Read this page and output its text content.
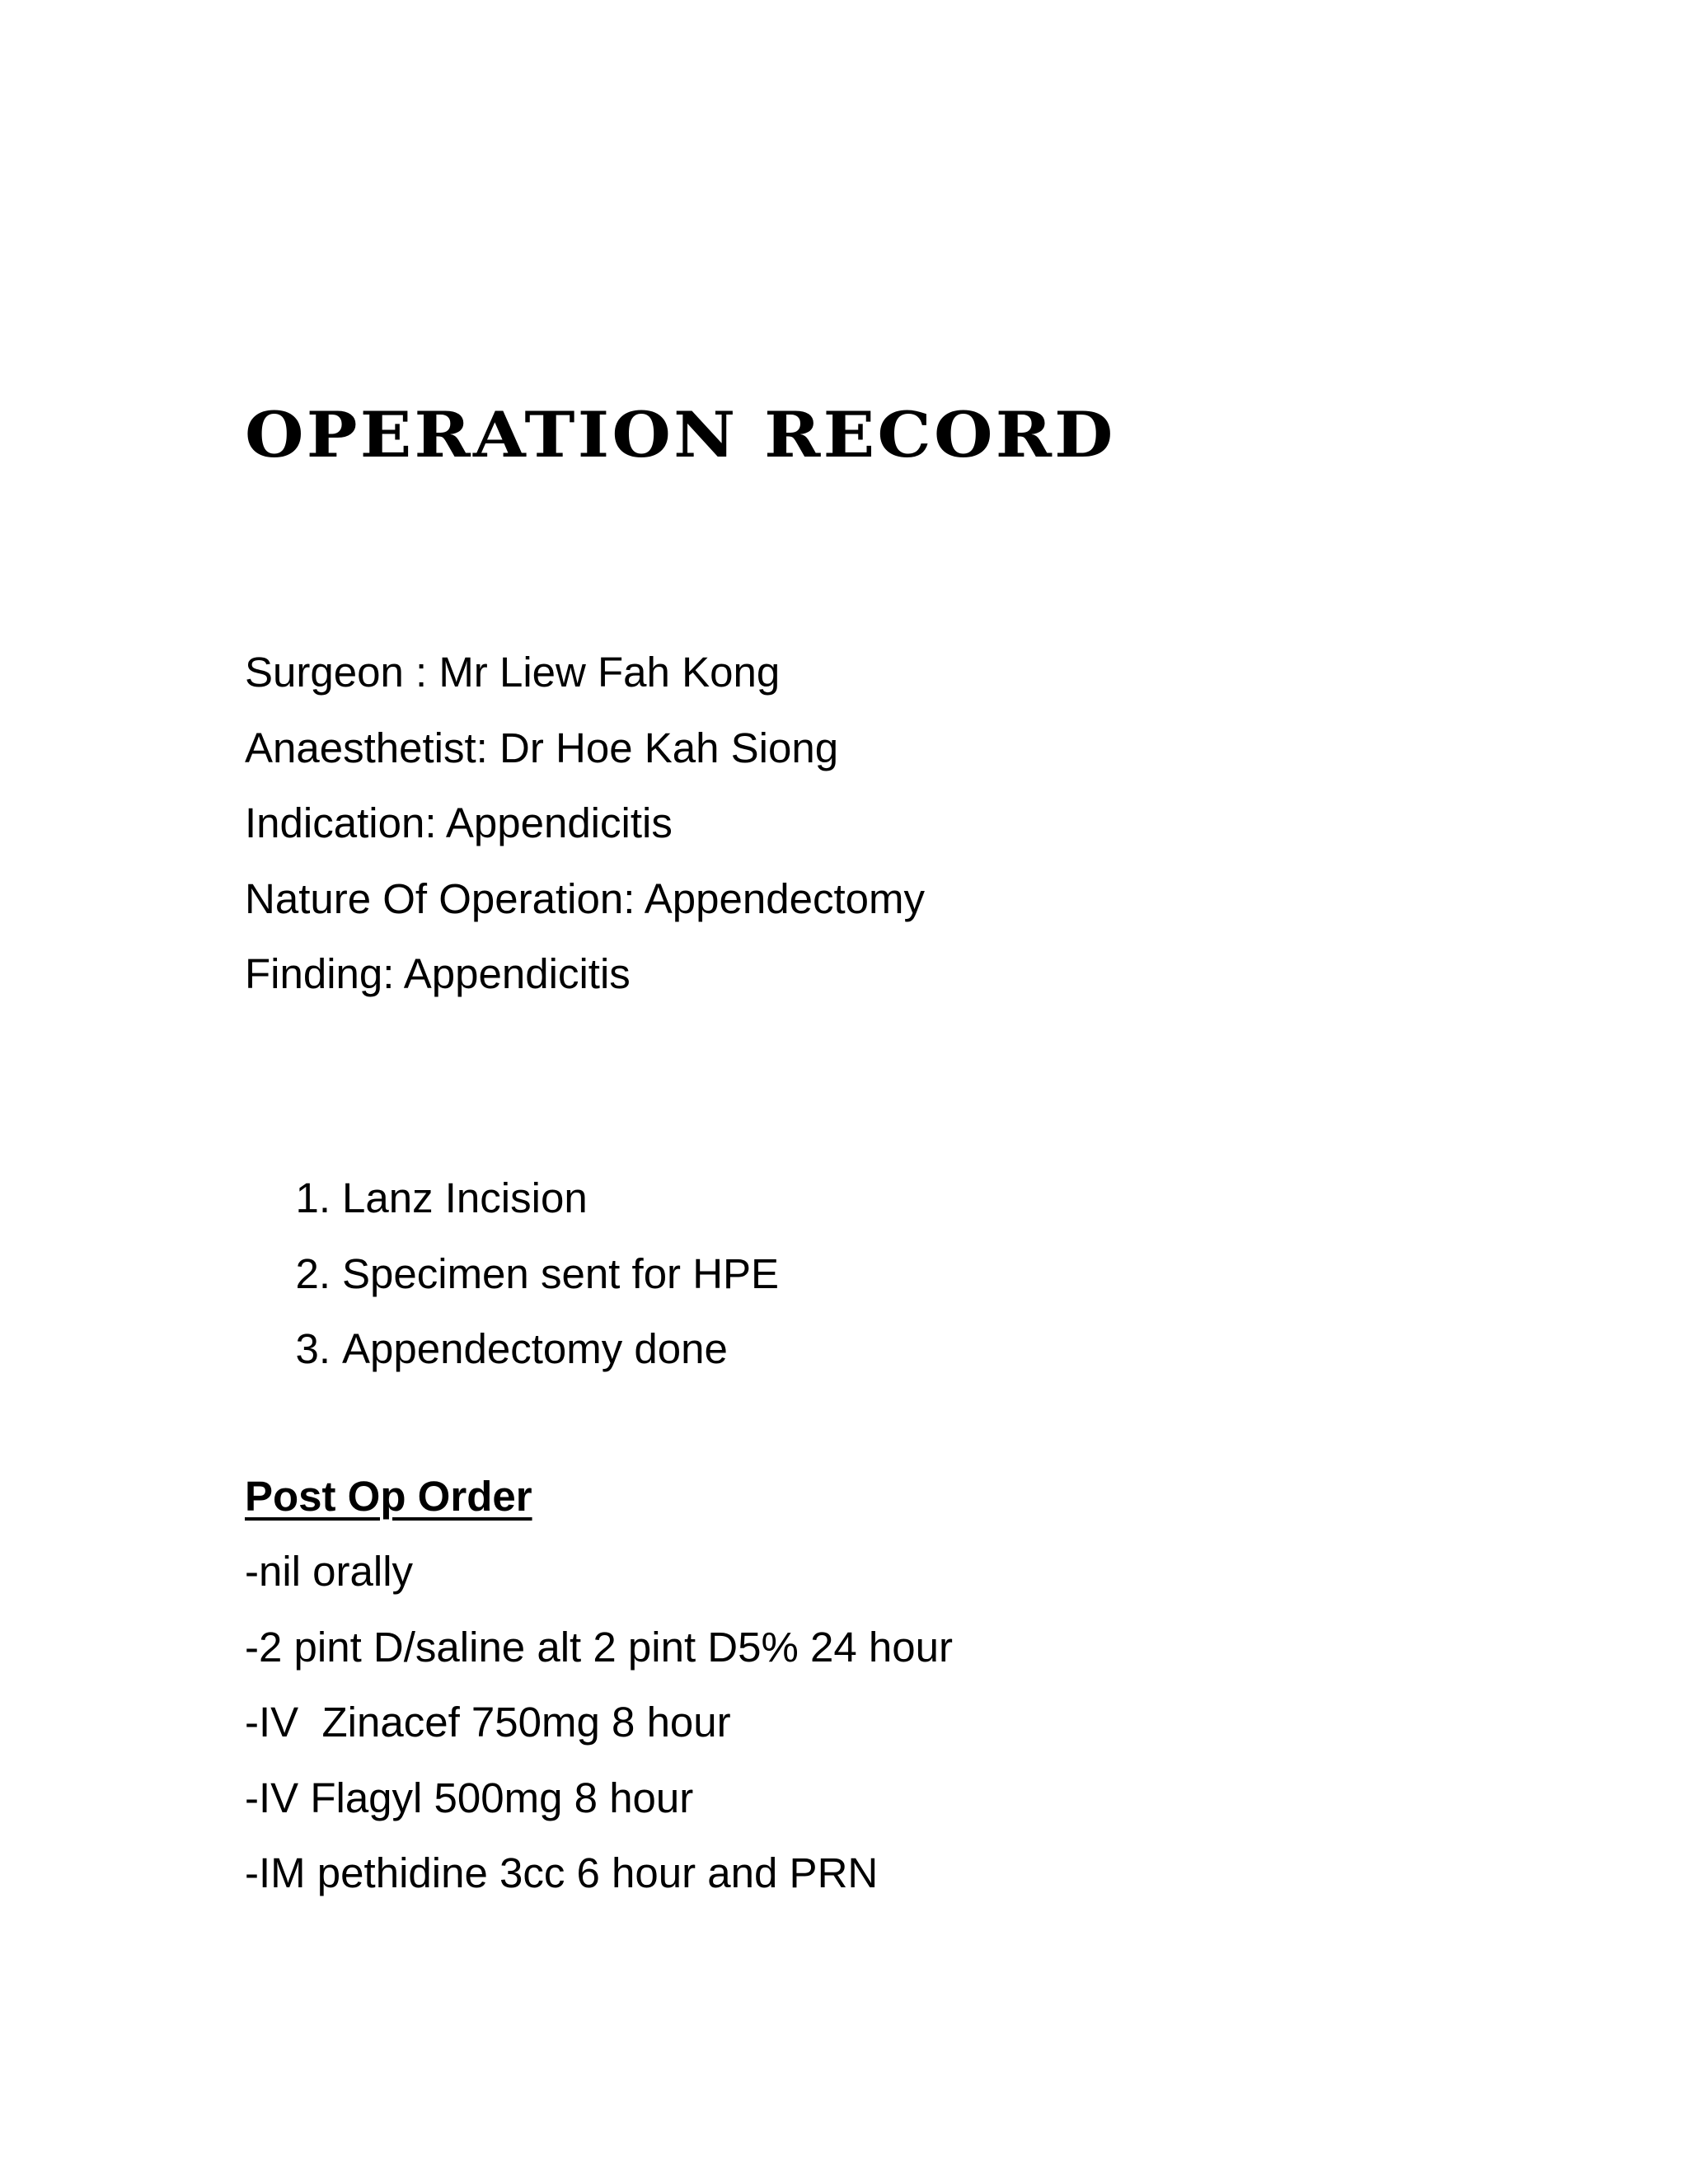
OPERATION RECORD
Surgeon : Mr Liew Fah Kong
Anaesthetist: Dr Hoe Kah Siong
Indication: Appendicitis
Nature Of Operation: Appendectomy
Finding: Appendicitis
1. Lanz Incision
2. Specimen sent for HPE
3. Appendectomy done
Post Op Order
-nil orally
-2 pint D/saline alt 2 pint D5% 24 hour
-IV  Zinacef 750mg 8 hour
-IV Flagyl 500mg 8 hour
-IM pethidine 3cc 6 hour and PRN
